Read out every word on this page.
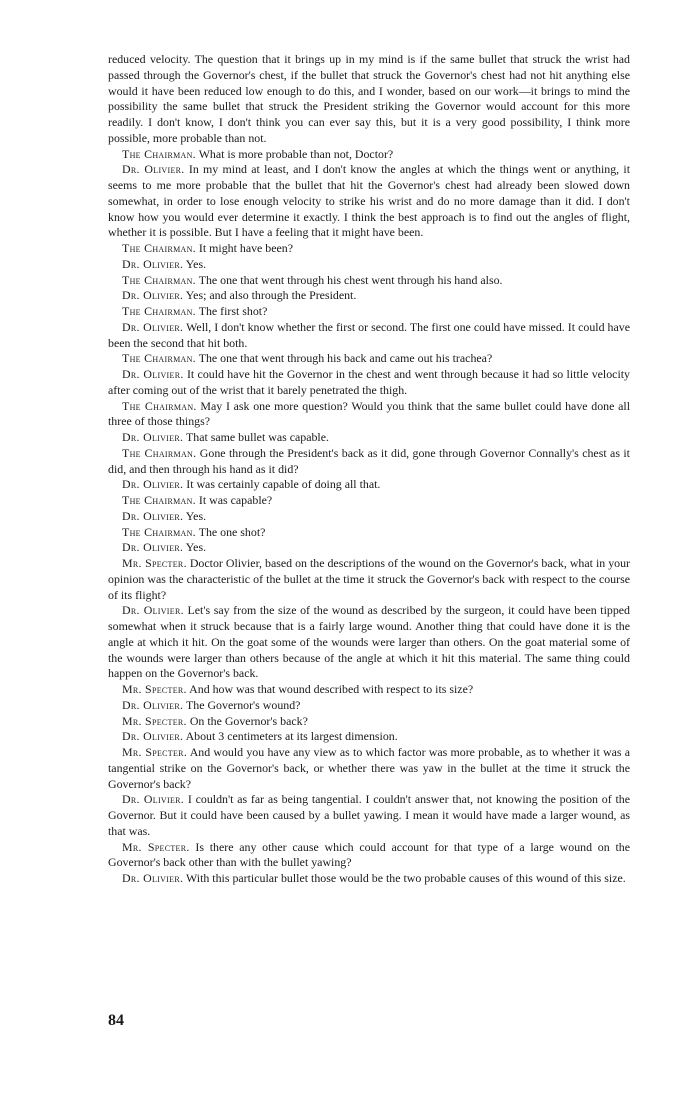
reduced velocity. The question that it brings up in my mind is if the same bullet that struck the wrist had passed through the Governor's chest, if the bullet that struck the Governor's chest had not hit anything else would it have been reduced low enough to do this, and I wonder, based on our work—it brings to mind the possibility the same bullet that struck the President striking the Governor would account for this more readily. I don't know, I don't think you can ever say this, but it is a very good possibility, I think more possible, more probable than not.

The Chairman. What is more probable than not, Doctor?

Dr. Olivier. In my mind at least, and I don't know the angles at which the things went or anything, it seems to me more probable that the bullet that hit the Governor's chest had already been slowed down somewhat, in order to lose enough velocity to strike his wrist and do no more damage than it did. I don't know how you would ever determine it exactly. I think the best approach is to find out the angles of flight, whether it is possible. But I have a feeling that it might have been.

The Chairman. It might have been?

Dr. Olivier. Yes.

The Chairman. The one that went through his chest went through his hand also.

Dr. Olivier. Yes; and also through the President.

The Chairman. The first shot?

Dr. Olivier. Well, I don't know whether the first or second. The first one could have missed. It could have been the second that hit both.

The Chairman. The one that went through his back and came out his trachea?

Dr. Olivier. It could have hit the Governor in the chest and went through because it had so little velocity after coming out of the wrist that it barely penetrated the thigh.

The Chairman. May I ask one more question? Would you think that the same bullet could have done all three of those things?

Dr. Olivier. That same bullet was capable.

The Chairman. Gone through the President's back as it did, gone through Governor Connally's chest as it did, and then through his hand as it did?

Dr. Olivier. It was certainly capable of doing all that.

The Chairman. It was capable?

Dr. Olivier. Yes.

The Chairman. The one shot?

Dr. Olivier. Yes.

Mr. Specter. Doctor Olivier, based on the descriptions of the wound on the Governor's back, what in your opinion was the characteristic of the bullet at the time it struck the Governor's back with respect to the course of its flight?

Dr. Olivier. Let's say from the size of the wound as described by the surgeon, it could have been tipped somewhat when it struck because that is a fairly large wound. Another thing that could have done it is the angle at which it hit. On the goat some of the wounds were larger than others. On the goat material some of the wounds were larger than others because of the angle at which it hit this material. The same thing could happen on the Governor's back.

Mr. Specter. And how was that wound described with respect to its size?

Dr. Olivier. The Governor's wound?

Mr. Specter. On the Governor's back?

Dr. Olivier. About 3 centimeters at its largest dimension.

Mr. Specter. And would you have any view as to which factor was more probable, as to whether it was a tangential strike on the Governor's back, or whether there was yaw in the bullet at the time it struck the Governor's back?

Dr. Olivier. I couldn't as far as being tangential. I couldn't answer that, not knowing the position of the Governor. But it could have been caused by a bullet yawing. I mean it would have made a larger wound, as that was.

Mr. Specter. Is there any other cause which could account for that type of a large wound on the Governor's back other than with the bullet yawing?

Dr. Olivier. With this particular bullet those would be the two probable causes of this wound of this size.

84
